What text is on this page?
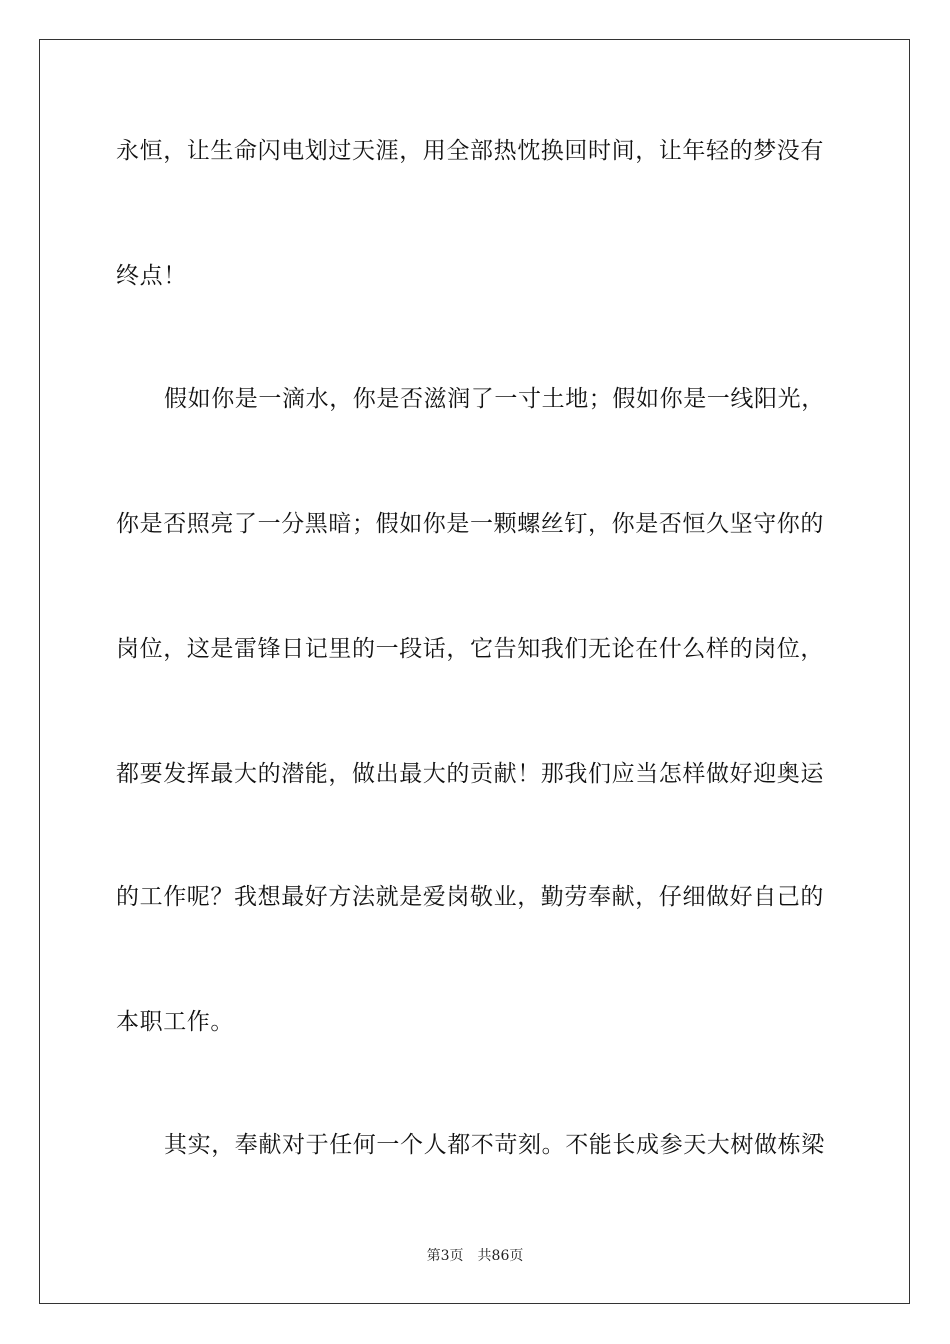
永恒，让生命闪电划过天涯，用全部热忱换回时间，让年轻的梦没有
终点！
假如你是一滴水，你是否滋润了一寸土地；假如你是一线阳光，
你是否照亮了一分黑暗；假如你是一颗螺丝钉，你是否恒久坚守你的
岗位，这是雷锋日记里的一段话，它告知我们无论在什么样的岗位，
都要发挥最大的潜能，做出最大的贡献！那我们应当怎样做好迎奥运
的工作呢？我想最好方法就是爱岗敬业，勤劳奉献，仔细做好自己的
本职工作。
其实，奉献对于任何一个人都不苛刻。不能长成参天大树做栋梁
第3页 共86页
